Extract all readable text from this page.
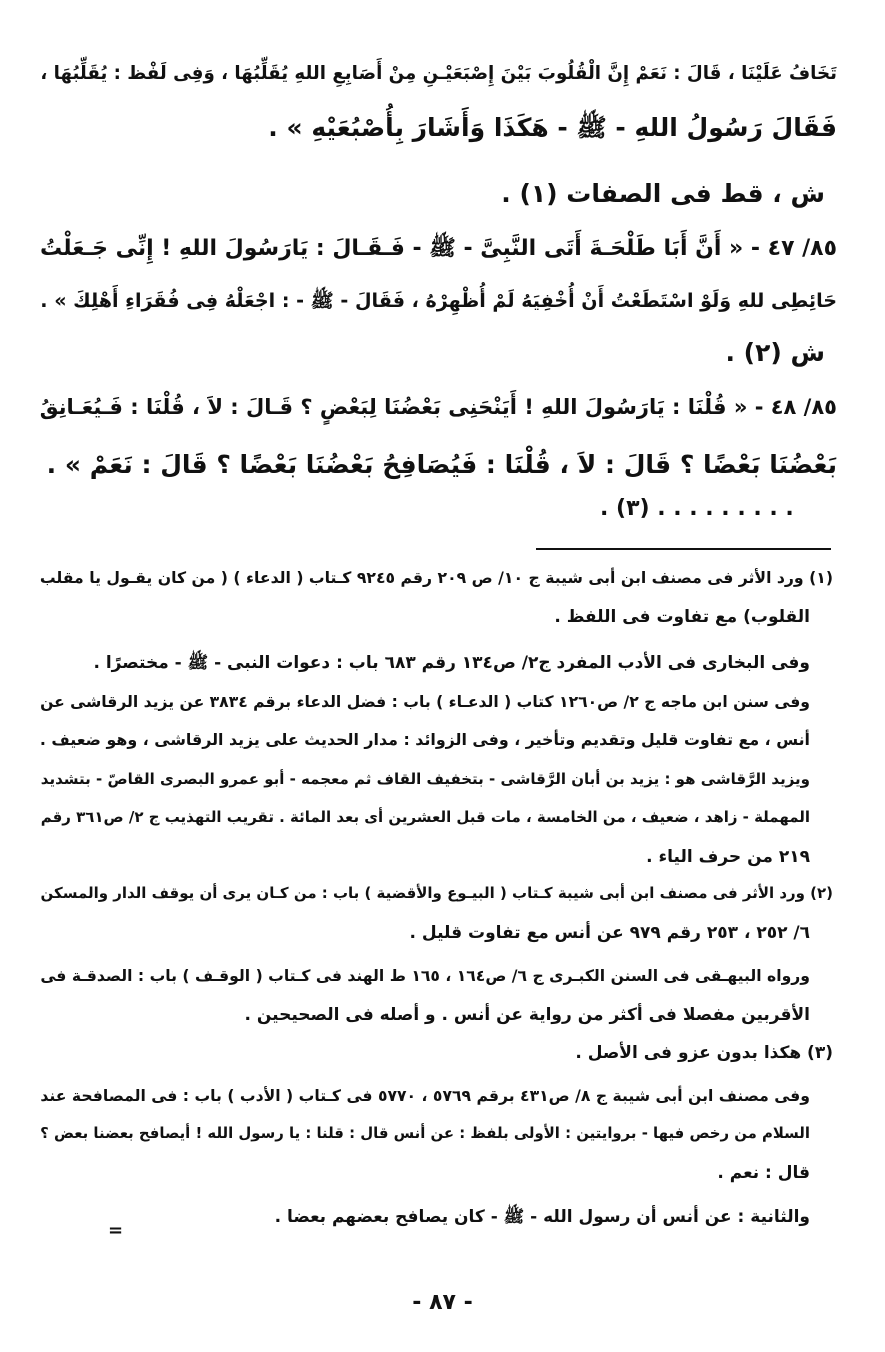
تَخَافُ عَلَيْنَا ، قَالَ : نَعَمْ إِنَّ الْقُلُوبَ بَيْنَ إِصْبَعَيْـنِ مِنْ أَصَابِعِ اللهِ يُقَلِّبُهَا ، وَفِى لَفْظ : يُقَلِّبُهَا ،
فَقَالَ رَسُولُ اللهِ - ﷺ - هَكَذَا وَأَشَارَ بِأُصْبُعَيْهِ » .
ش ، قط فى الصفات (١) .
٨٥/ ٤٧ - « أَنَّ أَبَا طَلْحَـةَ أَتَى النَّبِىَّ - ﷺ - فَـقَـالَ : يَارَسُولَ اللهِ ! إِنِّى جَـعَلْتُ
حَائِطِى للهِ وَلَوْ اسْتَطَعْتُ أَنْ أُخْفِيَهُ لَمْ أُظْهِرْهُ ، فَقَالَ - ﷺ - : اجْعَلْهُ فِى فُقَرَاءِ أَهْلِكَ » .
ش (٢) .
٨٥/ ٤٨ - « قُلْنَا : يَارَسُولَ اللهِ ! أَيَنْحَنِى بَعْضُنَا لِبَعْضٍ ؟ قَـالَ : لاَ ، قُلْنَا : فَـيُعَـانِقُ
بَعْضُنَا بَعْضًا ؟ قَالَ : لاَ ، قُلْنَا : فَيُصَافِحُ بَعْضُنَا بَعْضًا ؟ قَالَ : نَعَمْ » .
. . . . . . . . . (٣) .
(١) ورد الأثر فى مصنف ابن أبى شيبة ج ١٠/ ص ٢٠٩ رقم ٩٢٤٥ كـتاب ( الدعاء ) ( من كان يقـول يا مقلب
القلوب) مع تفاوت فى اللفظ .
وفى البخارى فى الأدب المفرد ج٢/ ص١٣٤ رقم ٦٨٣ باب : دعوات النبى - ﷺ - مختصرًا .
وفى سنن ابن ماجه ج ٢/ ص١٢٦٠ كتاب ( الدعـاء ) باب : فضل الدعاء برقم ٣٨٣٤ عن يزيد الرقاشى عن
أنس ، مع تفاوت قليل وتقديم وتأخير ، وفى الزوائد : مدار الحديث على يزيد الرقاشى ، وهو ضعيف .
ويزيد الرَّقاشى هو : يزيد بن أبان الرَّقاشى - بتخفيف القاف ثم معجمه - أبو عمرو البصرى القاصّ - بتشديد
المهملة - زاهد ، ضعيف ، من الخامسة ، مات قبل العشرين أى بعد المائة . تقريب التهذيب ج ٢/ ص٣٦١ رقم
٢١٩ من حرف الياء .
(٢) ورد الأثر فى مصنف ابن أبى شيبة كـتاب ( البيـوع والأقضية ) باب : من كـان يرى أن يوقف الدار والمسكن
٦/ ٢٥٢ ، ٢٥٣ رقم ٩٧٩ عن أنس مع تفاوت قليل .
ورواه البيهـقى فى السنن الكبـرى ج ٦/ ص١٦٤ ، ١٦٥ ط الهند فى كـتاب ( الوقـف ) باب : الصدقـة فى
الأقربين مفصلا فى أكثر من رواية عن أنس . و أصله فى الصحيحين .
(٣) هكذا بدون عزو فى الأصل .
وفى مصنف ابن أبى شيبة ج ٨/ ص٤٣١ برقم ٥٧٦٩ ، ٥٧٧٠ فى كـتاب ( الأدب ) باب : فى المصافحة عند
السلام من رخص فيها - بروايتين : الأولى بلفظ : عن أنس قال : قلنا : يا رسول الله ! أيصافح بعضنا بعض ؟
قال : نعم .
والثانية : عن أنس أن رسول الله - ﷺ - كان يصافح بعضهم بعضا .
=
- ٨٧ -
